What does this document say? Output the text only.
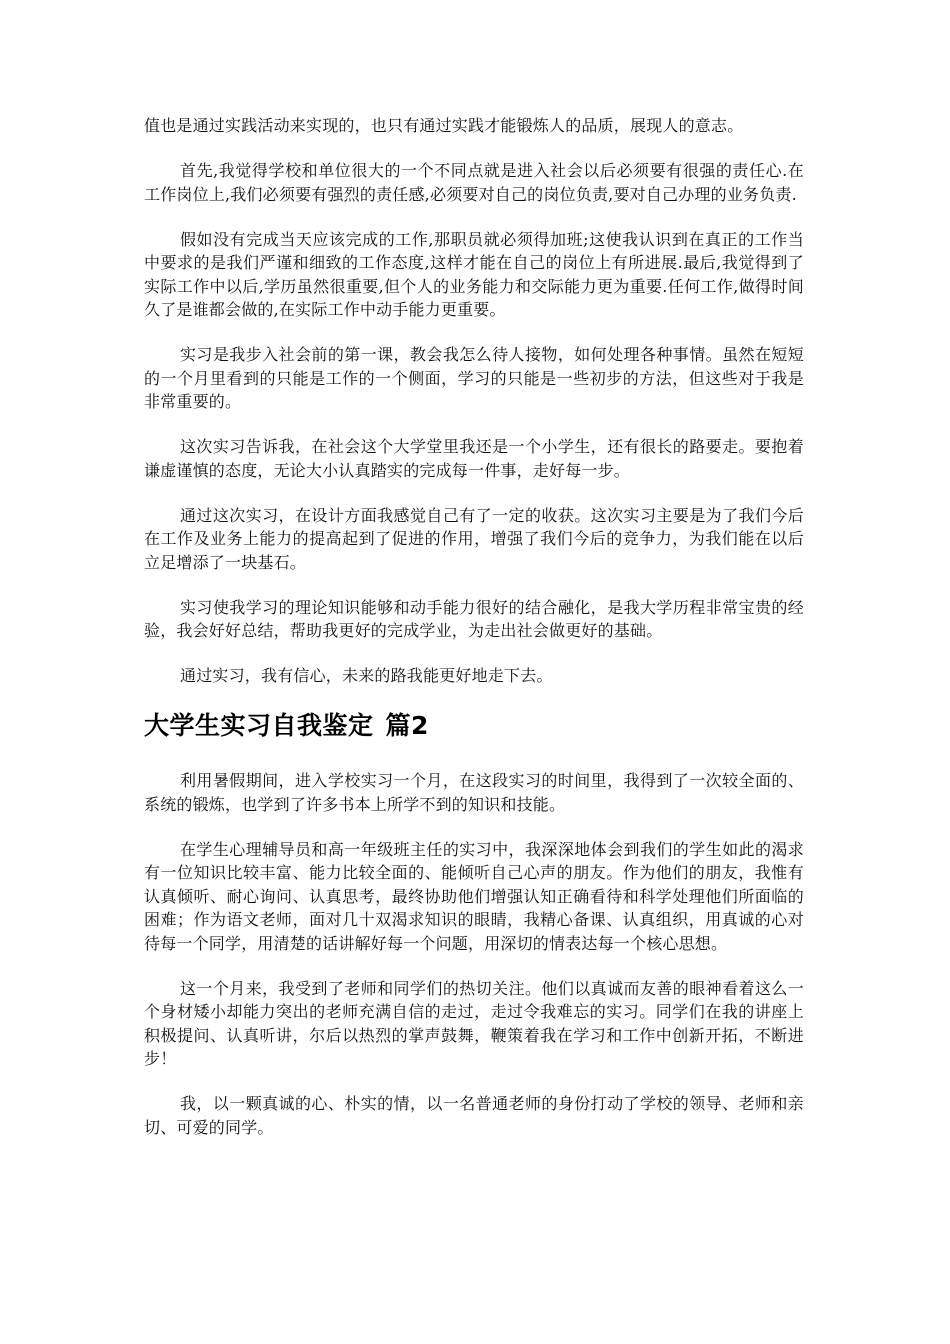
值也是通过实践活动来实现的，也只有通过实践才能锻炼人的品质，展现人的意志。

首先,我觉得学校和单位很大的一个不同点就是进入社会以后必须要有很强的责任心.在工作岗位上,我们必须要有强烈的责任感,必须要对自己的岗位负责,要对自己办理的业务负责.

假如没有完成当天应该完成的工作,那职员就必须得加班;这使我认识到在真正的工作当中要求的是我们严谨和细致的工作态度,这样才能在自己的岗位上有所进展.最后,我觉得到了实际工作中以后,学历虽然很重要,但个人的业务能力和交际能力更为重要.任何工作,做得时间久了是谁都会做的,在实际工作中动手能力更重要。

实习是我步入社会前的第一课，教会我怎么待人接物，如何处理各种事情。虽然在短短的一个月里看到的只能是工作的一个侧面，学习的只能是一些初步的方法，但这些对于我是非常重要的。

这次实习告诉我，在社会这个大学堂里我还是一个小学生，还有很长的路要走。要抱着谦虚谨慎的态度，无论大小认真踏实的完成每一件事，走好每一步。

通过这次实习，在设计方面我感觉自己有了一定的收获。这次实习主要是为了我们今后在工作及业务上能力的提高起到了促进的作用，增强了我们今后的竞争力，为我们能在以后立足增添了一块基石。

实习使我学习的理论知识能够和动手能力很好的结合融化，是我大学历程非常宝贵的经验，我会好好总结，帮助我更好的完成学业，为走出社会做更好的基础。

通过实习，我有信心，未来的路我能更好地走下去。

大学生实习自我鉴定 篇2

利用暑假期间，进入学校实习一个月，在这段实习的时间里，我得到了一次较全面的、系统的锻炼，也学到了许多书本上所学不到的知识和技能。

在学生心理辅导员和高一年级班主任的实习中，我深深地体会到我们的学生如此的渴求有一位知识比较丰富、能力比较全面的、能倾听自己心声的朋友。作为他们的朋友，我惟有认真倾听、耐心询问、认真思考，最终协助他们增强认知正确看待和科学处理他们所面临的困难；作为语文老师，面对几十双渴求知识的眼睛，我精心备课、认真组织，用真诚的心对待每一个同学，用清楚的话讲解好每一个问题，用深切的情表达每一个核心思想。

这一个月来，我受到了老师和同学们的热切关注。他们以真诚而友善的眼神看着这么一个身材矮小却能力突出的老师充满自信的走过，走过令我难忘的实习。同学们在我的讲座上积极提问、认真听讲，尔后以热烈的掌声鼓舞，鞭策着我在学习和工作中创新开拓，不断进步！

我，以一颗真诚的心、朴实的情，以一名普通老师的身份打动了学校的领导、老师和亲切、可爱的同学。
